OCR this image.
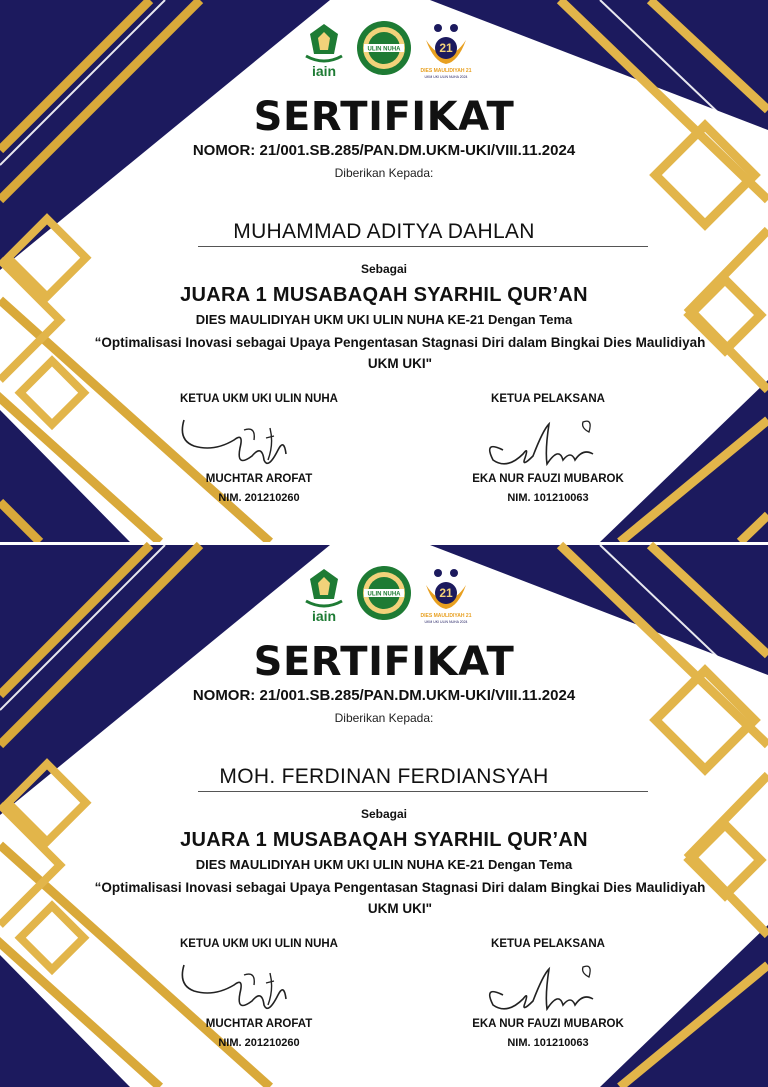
iain
ULIN NUHA	21
DIES MAULIDIYAH 21
UKM UKI ULIN NUHA 2024
SERTIFIKAT
NOMOR: 21/001.SB.285/PAN.DM.UKM-UKI/VIII.11.2024
Diberikan Kepada:
MUHAMMAD ADITYA DAHLAN
Sebagai
JUARA 1 MUSABAQAH SYARHIL QUR’AN
DIES MAULIDIYAH UKM UKI ULIN NUHA KE-21 Dengan Tema
“Optimalisasi Inovasi sebagai Upaya Pengentasan Stagnasi Diri dalam Bingkai Dies Maulidiyah UKM UKI"
KETUA UKM UKI ULIN NUHA
MUCHTAR AROFAT
NIM. 201210260
KETUA PELAKSANA
EKA NUR FAUZI MUBAROK
NIM. 101210063
iain
ULIN NUHA	21
DIES MAULIDIYAH 21
UKM UKI ULIN NUHA 2024
SERTIFIKAT
NOMOR: 21/001.SB.285/PAN.DM.UKM-UKI/VIII.11.2024
Diberikan Kepada:
MOH. FERDINAN FERDIANSYAH
Sebagai
JUARA 1 MUSABAQAH SYARHIL QUR’AN
DIES MAULIDIYAH UKM UKI ULIN NUHA KE-21 Dengan Tema
“Optimalisasi Inovasi sebagai Upaya Pengentasan Stagnasi Diri dalam Bingkai Dies Maulidiyah UKM UKI"
KETUA UKM UKI ULIN NUHA
MUCHTAR AROFAT
NIM. 201210260
KETUA PELAKSANA
EKA NUR FAUZI MUBAROK
NIM. 101210063
